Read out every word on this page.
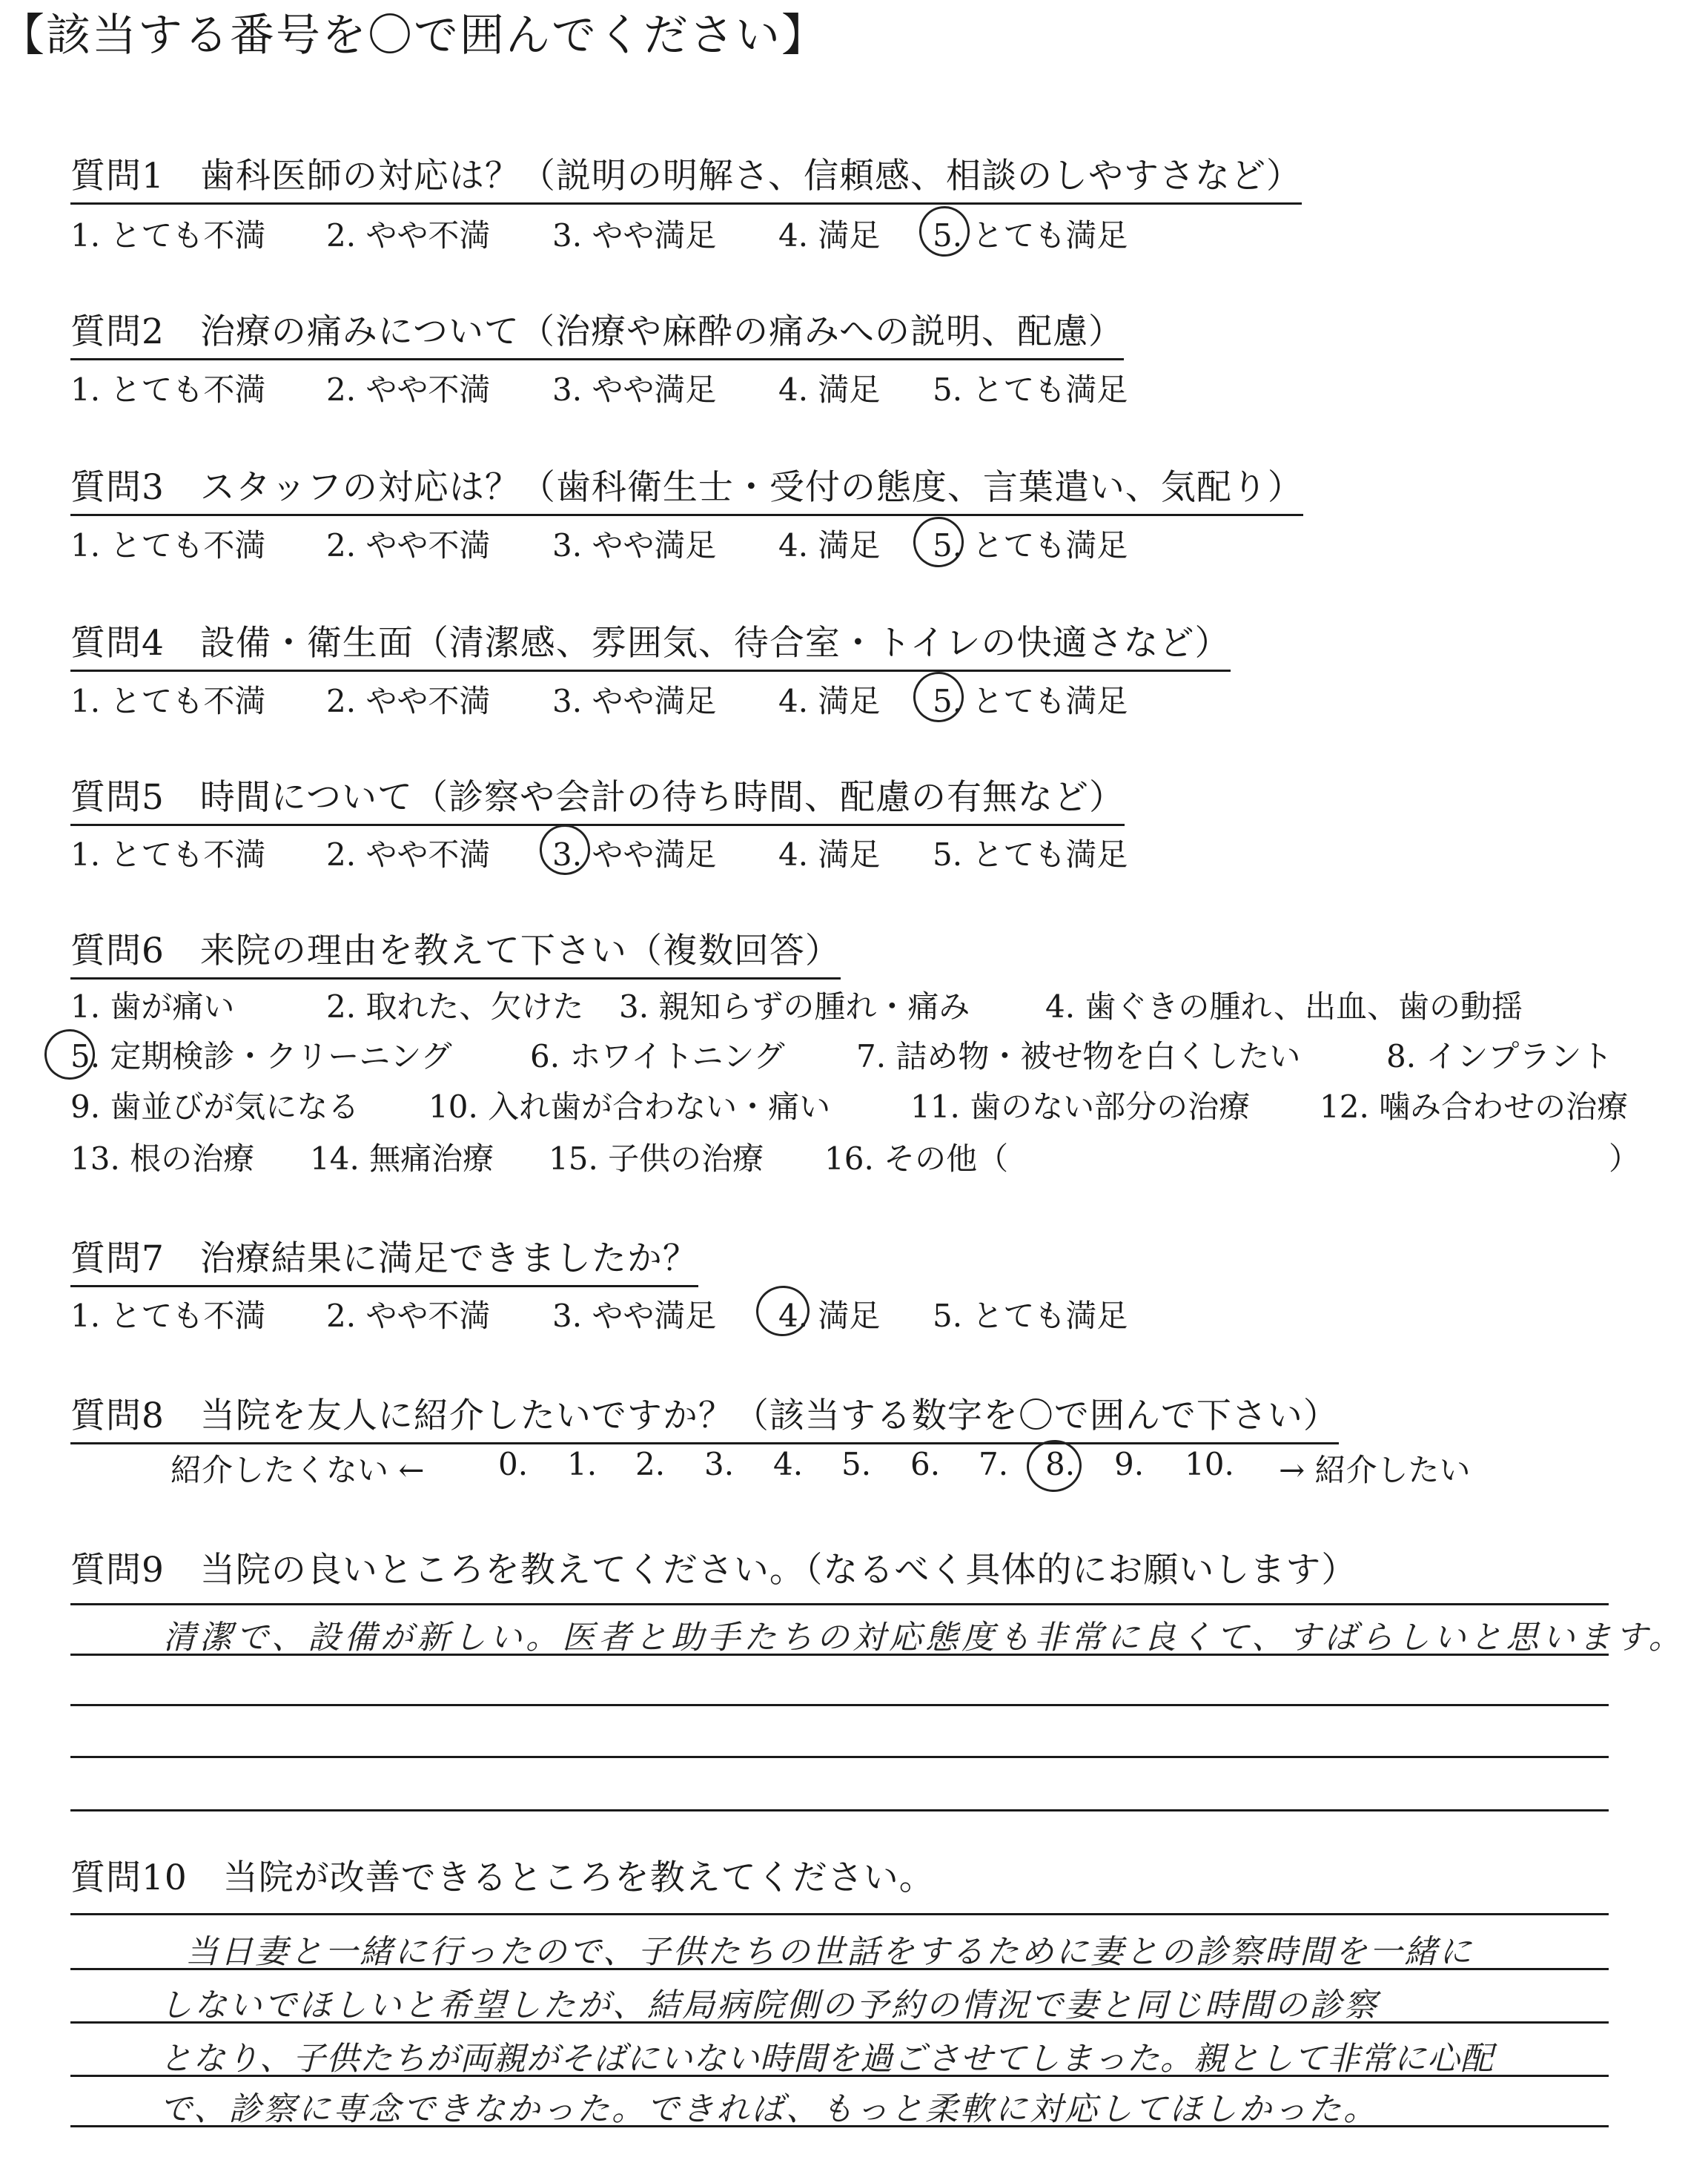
【該当する番号を〇で囲んでください】
質問1　歯科医師の対応は？（説明の明解さ、信頼感、相談のしやすさなど）
1. とても不満 2. やや不満 3. やや満足 4. 満足 5. とても満足
質問2　治療の痛みについて（治療や麻酔の痛みへの説明、配慮）
1. とても不満 2. やや不満 3. やや満足 4. 満足 5. とても満足
質問3　スタッフの対応は？（歯科衛生士・受付の態度、言葉遣い、気配り）
1. とても不満 2. やや不満 3. やや満足 4. 満足 5. とても満足
質問4　設備・衛生面（清潔感、雰囲気、待合室・トイレの快適さなど）
1. とても不満 2. やや不満 3. やや満足 4. 満足 5. とても満足
質問5　時間について（診察や会計の待ち時間、配慮の有無など）
1. とても不満 2. やや不満 3. やや満足 4. 満足 5. とても満足
質問6　来院の理由を教えて下さい（複数回答）
1. 歯が痛い	2. 取れた、欠けた 3. 親知らずの腫れ・痛み 4. 歯ぐきの腫れ、出血、歯の動揺
5. 定期検診・クリーニング	6. ホワイトニング 7. 詰め物・被せ物を白くしたい	8. インプラント
9. 歯並びが気になる 10. 入れ歯が合わない・痛い	11. 歯のない部分の治療 12. 噛み合わせの治療
13. 根の治療 14. 無痛治療 15. 子供の治療 16. その他（	）
質問7　治療結果に満足できましたか？
1. とても不満 2. やや不満 3. やや満足 4. 満足 5. とても満足
質問8　当院を友人に紹介したいですか？（該当する数字を〇で囲んで下さい）
紹介したくない ← 0. 1. 2. 3. 4. 5. 6. 7. 8. 9. 10. → 紹介したい
質問9　当院の良いところを教えてください。（なるべく具体的にお願いします）
清潔で、設備が新しい。医者と助手たちの対応態度も非常に良くて、すばらしいと思います。
質問10　当院が改善できるところを教えてください。
当日妻と一緒に行ったので、子供たちの世話をするために妻との診察時間を一緒に
しないでほしいと希望したが、結局病院側の予約の情況で妻と同じ時間の診察
となり、子供たちが両親がそばにいない時間を過ごさせてしまった。親として非常に心配
で、診察に専念できなかった。できれば、もっと柔軟に対応してほしかった。
